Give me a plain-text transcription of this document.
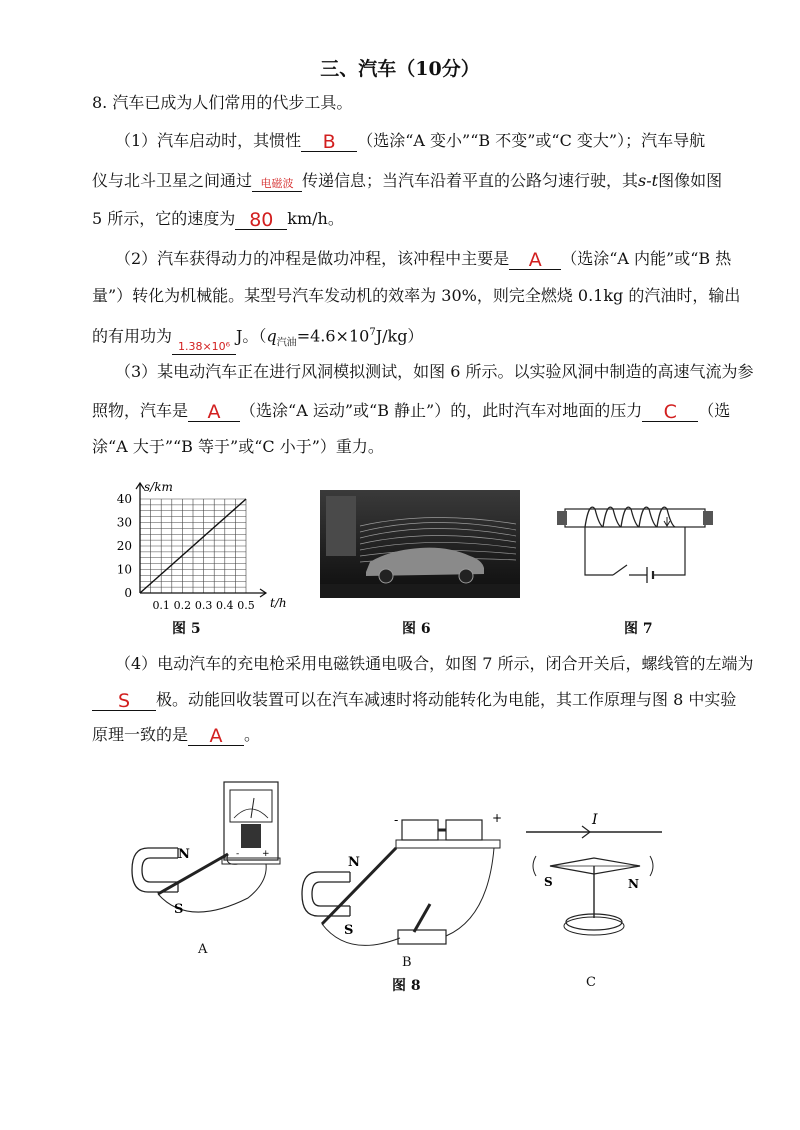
三、汽车（10分）
8. 汽车已成为人们常用的代步工具。
（1）汽车启动时，其惯性 B （选涂“A 变小”“B 不变”或“C 变大”）；汽车导航
仪与北斗卫星之间通过 电磁波 传递信息；当汽车沿着平直的公路匀速行驶，其s-t图像如图
5 所示，它的速度为 80 km/h。
（2）汽车获得动力的冲程是做功冲程，该冲程中主要是 A （选涂“A 内能”或“B 热
量”）转化为机械能。某型号汽车发动机的效率为 30%，则完全燃烧 0.1kg 的汽油时，输出
的有用功为1.38×10⁶J。$(q_{汽油}=4.6\times 10^7J/kg)$
（3）某电动汽车正在进行风洞模拟测试，如图 6 所示。以实验风洞中制造的高速气流为参
照物，汽车是 A （选涂“A 运动”或“B 静止”）的，此时汽车对地面的压力 C （选
涂“A 大于”“B 等于”或“C 小于”）重力。
0
10
20
30
40
0.1 0.2 0.3 0.4 0.5 t/h
s/km
图 5	图 6	图 7
（4）电动汽车的充电枪采用电磁铁通电吸合，如图 7 所示，闭合开关后，螺线管的左端为
S 极。动能回收装置可以在汽车减速时将动能转化为电能，其工作原理与图 8 中实验
原理一致的是 A 。
-	+
N
S
A
-	+
N
S
B
图 8
I
S	N
C
